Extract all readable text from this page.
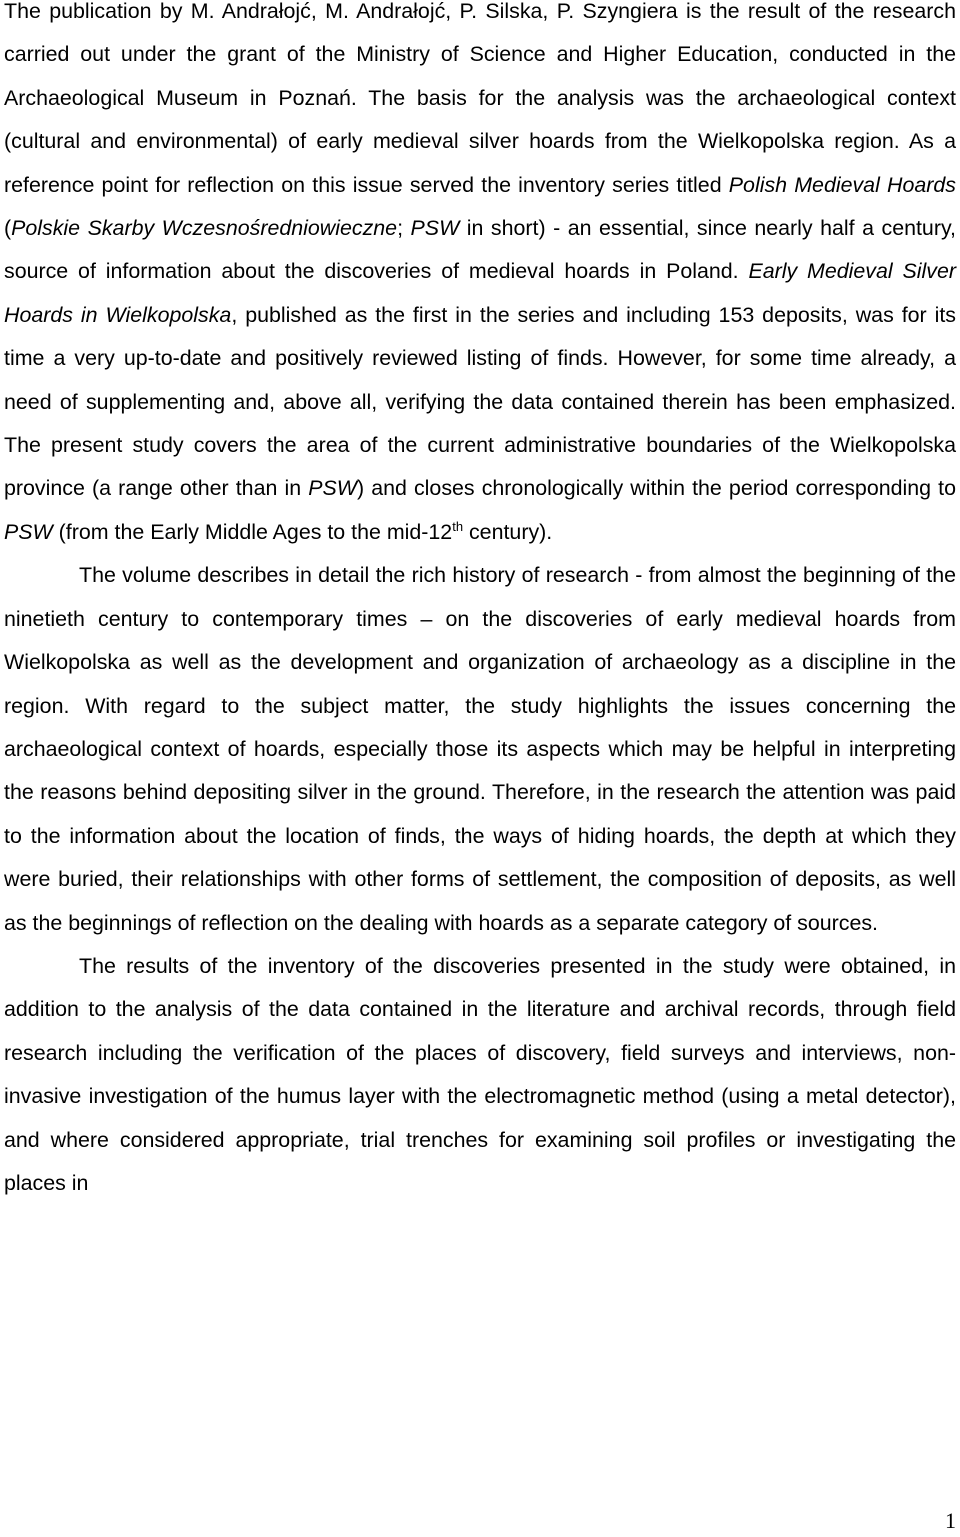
The publication by M. Andrałojć, M. Andrałojć, P. Silska, P. Szyngiera is the result of the research carried out under the grant of the Ministry of Science and Higher Education, conducted in the Archaeological Museum in Poznań. The basis for the analysis was the archaeological context (cultural and environmental) of early medieval silver hoards from the Wielkopolska region. As a reference point for reflection on this issue served the inventory series titled Polish Medieval Hoards (Polskie Skarby Wczesnośredniowieczne; PSW in short) - an essential, since nearly half a century, source of information about the discoveries of medieval hoards in Poland. Early Medieval Silver Hoards in Wielkopolska, published as the first in the series and including 153 deposits, was for its time a very up-to-date and positively reviewed listing of finds. However, for some time already, a need of supplementing and, above all, verifying the data contained therein has been emphasized. The present study covers the area of the current administrative boundaries of the Wielkopolska province (a range other than in PSW) and closes chronologically within the period corresponding to PSW (from the Early Middle Ages to the mid-12th century).

The volume describes in detail the rich history of research - from almost the beginning of the ninetieth century to contemporary times – on the discoveries of early medieval hoards from Wielkopolska as well as the development and organization of archaeology as a discipline in the region. With regard to the subject matter, the study highlights the issues concerning the archaeological context of hoards, especially those its aspects which may be helpful in interpreting the reasons behind depositing silver in the ground. Therefore, in the research the attention was paid to the information about the location of finds, the ways of hiding hoards, the depth at which they were buried, their relationships with other forms of settlement, the composition of deposits, as well as the beginnings of reflection on the dealing with hoards as a separate category of sources.

The results of the inventory of the discoveries presented in the study were obtained, in addition to the analysis of the data contained in the literature and archival records, through field research including the verification of the places of discovery, field surveys and interviews, non-invasive investigation of the humus layer with the electromagnetic method (using a metal detector), and where considered appropriate, trial trenches for examining soil profiles or investigating the places in

1
